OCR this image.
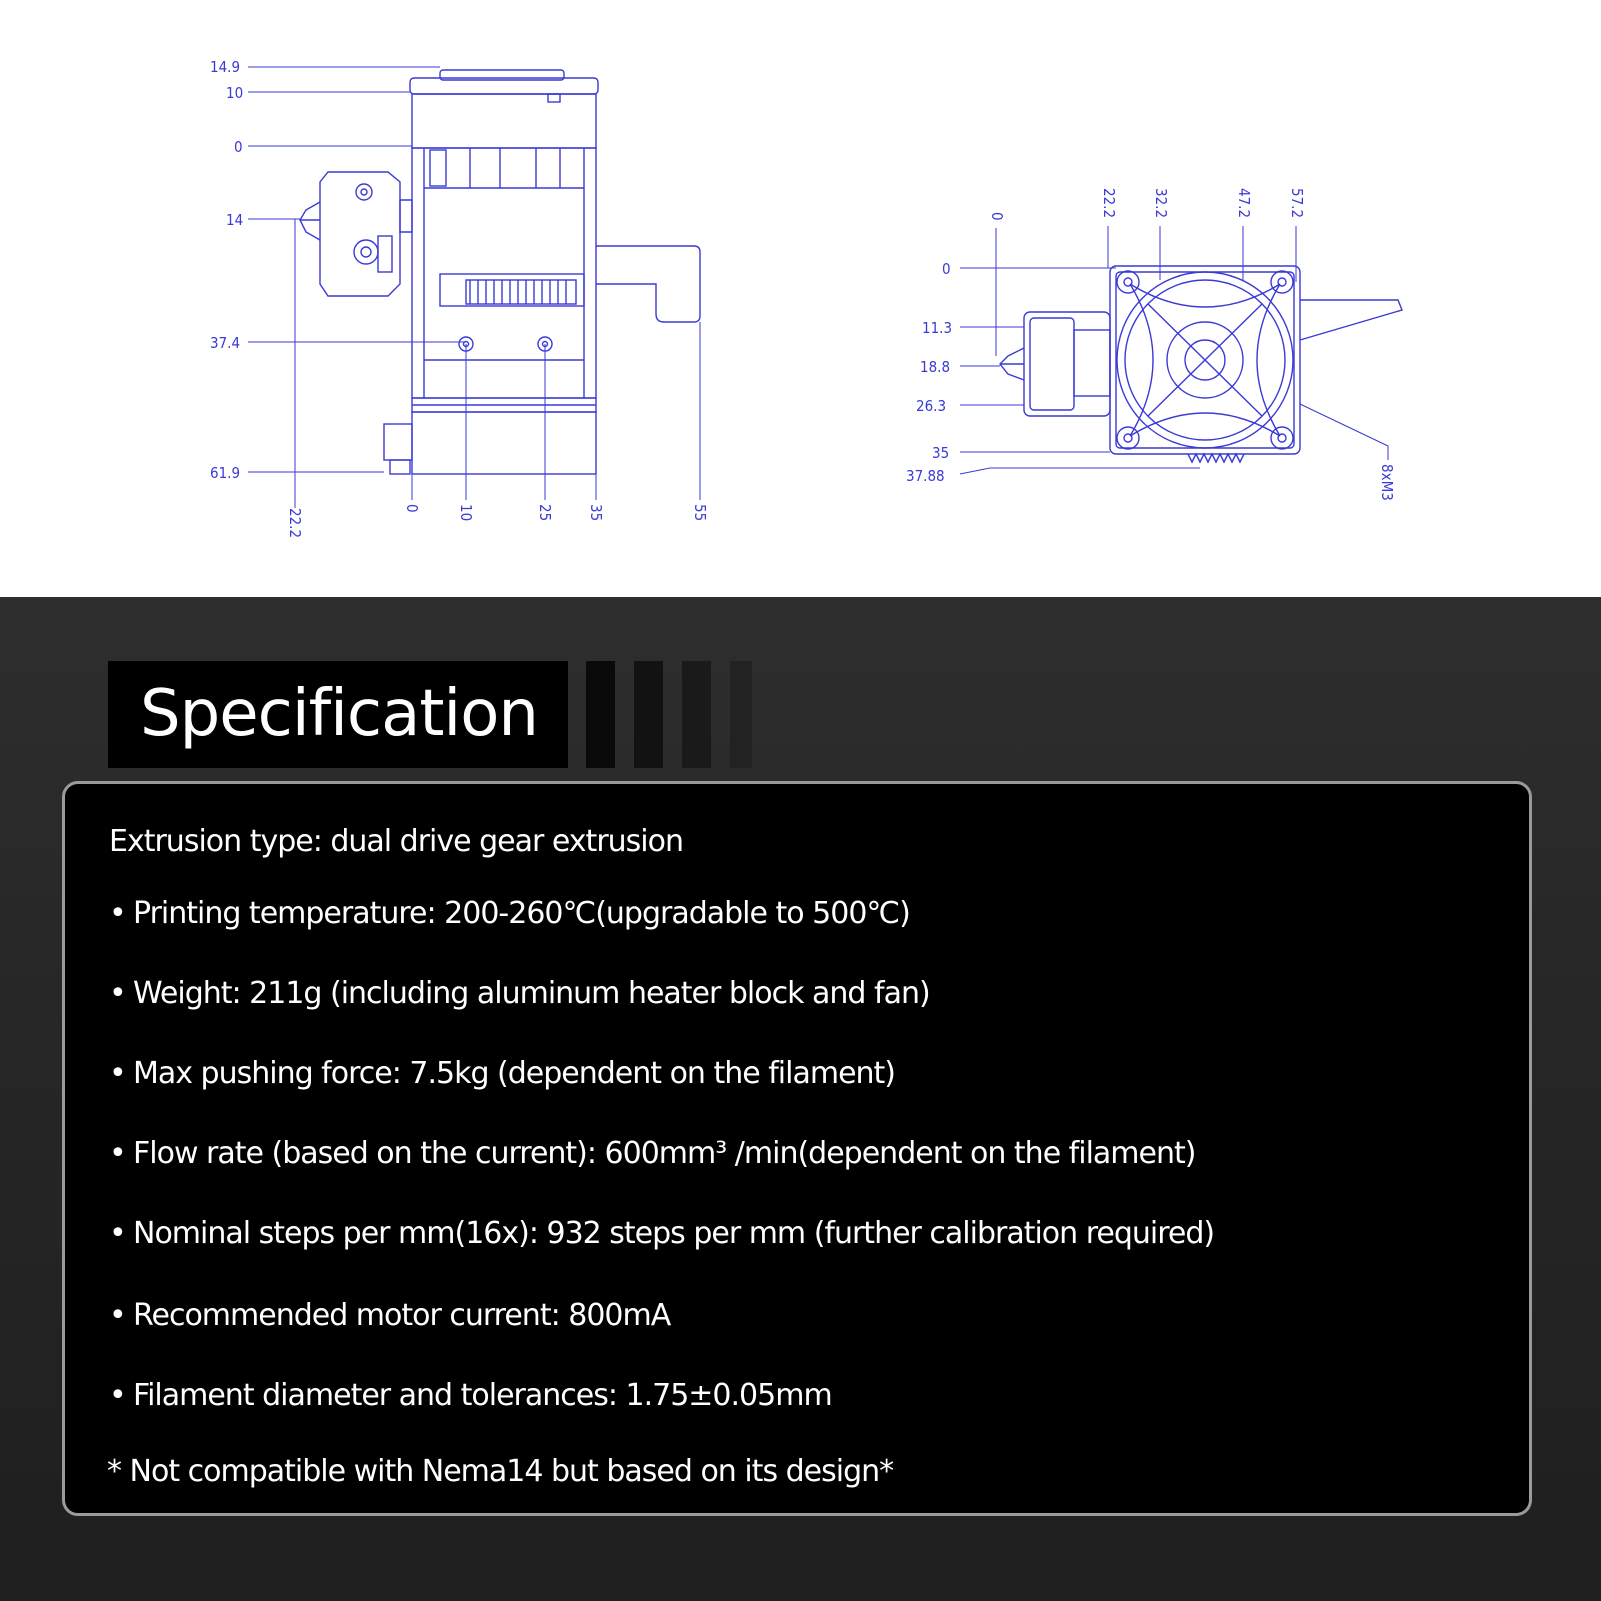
14.9
10
0
14
37.4
61.9
22.2	0 10	25 35	55
0
11.3
18.8
26.3
35
37.88
0	22.2 32.2	47.2 57.2
8xM3
Specification
Extrusion type: dual drive gear extrusion
• Printing temperature: 200-260℃(upgradable to 500℃)
• Weight: 211g (including aluminum heater block and fan)
• Max pushing force: 7.5kg (dependent on the filament)
• Flow rate (based on the current): 600mm³ /min(dependent on the filament)
• Nominal steps per mm(16x): 932 steps per mm (further calibration required)
• Recommended motor current: 800mA
• Filament diameter and tolerances: 1.75±0.05mm
* Not compatible with Nema14 but based on its design*
